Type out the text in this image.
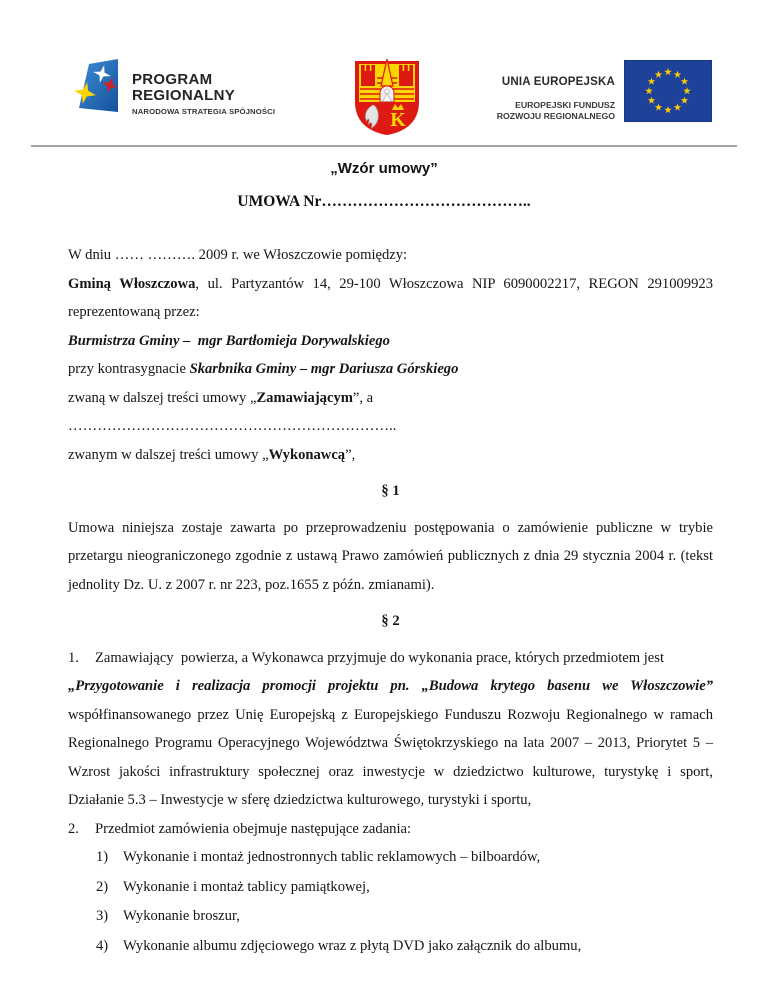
PROGRAM
REGIONALNY
NARODOWA STRATEGIA SPÓJNOŚCI	K
UNIA EUROPEJSKA
EUROPEJSKI FUNDUSZ
ROZWOJU REGIONALNEGO
„Wzór umowy”
UMOWA Nr…………………………………..
W dniu …… ………. 2009 r. we Włoszczowie pomiędzy:
Gminą Włoszczowa, ul. Partyzantów 14, 29-100 Włoszczowa NIP 6090002217, REGON 291009923 reprezentowaną przez:
Burmistrza Gminy –  mgr Bartłomieja Dorywalskiego
przy kontrasygnacie Skarbnika Gminy – mgr Dariusza Górskiego
zwaną w dalszej treści umowy „Zamawiającym”, a
…………………………………………………………..
zwanym w dalszej treści umowy „Wykonawcą”,
§ 1
Umowa niniejsza zostaje zawarta po przeprowadzeniu postępowania o zamówienie publiczne w trybie przetargu nieograniczonego zgodnie z ustawą Prawo zamówień publicznych z dnia 29 stycznia 2004 r. (tekst jednolity Dz. U. z 2007 r. nr 223, poz.1655 z późn. zmianami).
§ 2
1.	Zamawiający  powierza, a Wykonawca przyjmuje do wykonania prace, których przedmiotem jest
„Przygotowanie i realizacja promocji projektu pn. „Budowa krytego basenu we Włoszczowie” współfinansowanego przez Unię Europejską z Europejskiego Funduszu Rozwoju Regionalnego w ramach Regionalnego Programu Operacyjnego Województwa Świętokrzyskiego na lata 2007 – 2013, Priorytet 5 – Wzrost jakości infrastruktury społecznej oraz inwestycje w dziedzictwo kulturowe, turystykę i sport, Działanie 5.3 – Inwestycje w sferę dziedzictwa kulturowego, turystyki i sportu,
2.	Przedmiot zamówienia obejmuje następujące zadania:
1)	Wykonanie i montaż jednostronnych tablic reklamowych – bilboardów,
2)	Wykonanie i montaż tablicy pamiątkowej,
3)	Wykonanie broszur,
4)	Wykonanie albumu zdjęciowego wraz z płytą DVD jako załącznik do albumu,
